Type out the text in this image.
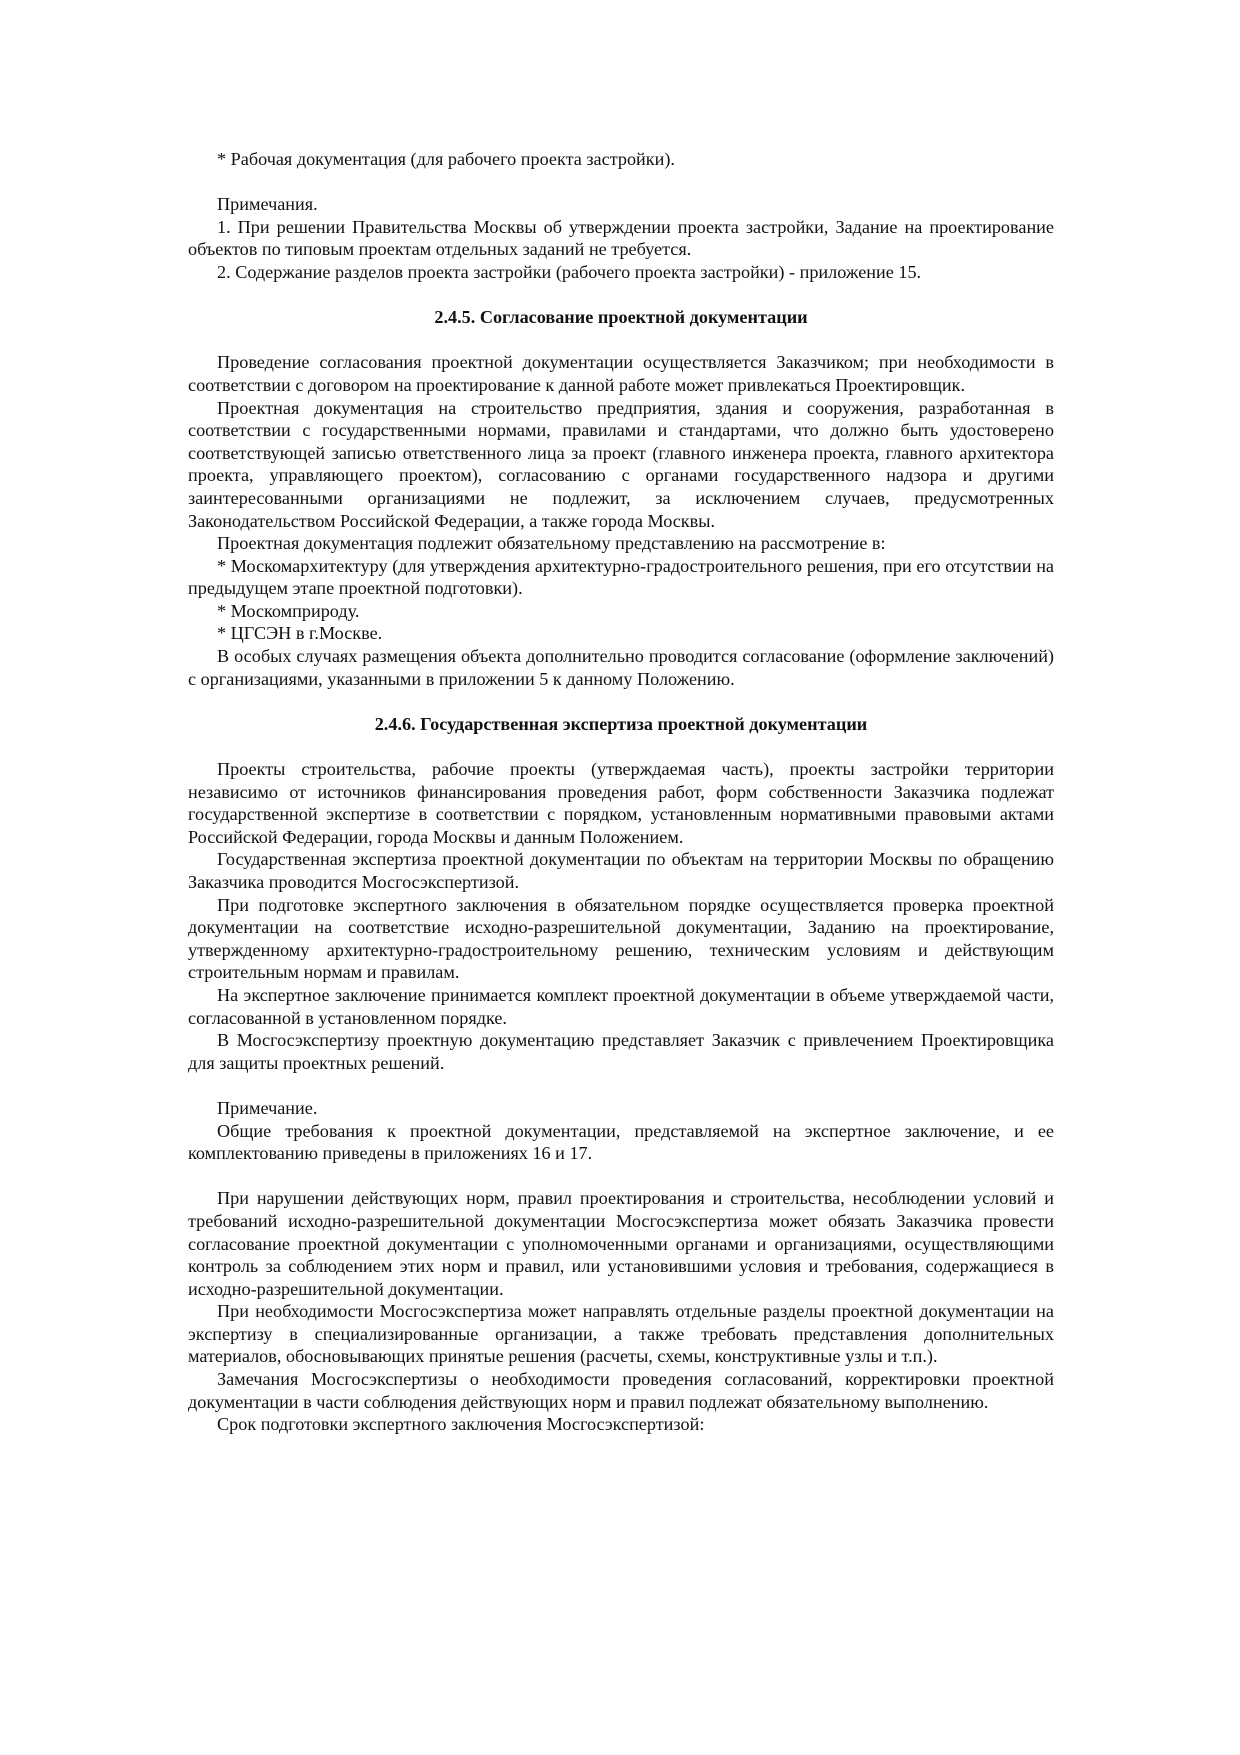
* Рабочая документация (для рабочего проекта застройки).

Примечания.

1. При решении Правительства Москвы об утверждении проекта застройки, Задание на проектирование объектов по типовым проектам отдельных заданий не требуется.

2. Содержание разделов проекта застройки (рабочего проекта застройки) - приложение 15.

2.4.5. Согласование проектной документации

Проведение согласования проектной документации осуществляется Заказчиком; при необходимости в соответствии с договором на проектирование к данной работе может привлекаться Проектировщик.

Проектная документация на строительство предприятия, здания и сооружения, разработанная в соответствии с государственными нормами, правилами и стандартами, что должно быть удостоверено соответствующей записью ответственного лица за проект (главного инженера проекта, главного архитектора проекта, управляющего проектом), согласованию с органами государственного надзора и другими заинтересованными организациями не подлежит, за исключением случаев, предусмотренных Законодательством Российской Федерации, а также города Москвы.

Проектная документация подлежит обязательному представлению на рассмотрение в:

* Москомархитектуру (для утверждения архитектурно-градостроительного решения, при его отсутствии на предыдущем этапе проектной подготовки).

* Москомприроду.

* ЦГСЭН в г.Москве.

В особых случаях размещения объекта дополнительно проводится согласование (оформление заключений) с организациями, указанными в приложении 5 к данному Положению.

2.4.6. Государственная экспертиза проектной документации

Проекты строительства, рабочие проекты (утверждаемая часть), проекты застройки территории независимо от источников финансирования проведения работ, форм собственности Заказчика подлежат государственной экспертизе в соответствии с порядком, установленным нормативными правовыми актами Российской Федерации, города Москвы и данным Положением.

Государственная экспертиза проектной документации по объектам на территории Москвы по обращению Заказчика проводится Мосгосэкспертизой.

При подготовке экспертного заключения в обязательном порядке осуществляется проверка проектной документации на соответствие исходно-разрешительной документации, Заданию на проектирование, утвержденному архитектурно-градостроительному решению, техническим условиям и действующим строительным нормам и правилам.

На экспертное заключение принимается комплект проектной документации в объеме утверждаемой части, согласованной в установленном порядке.

В Мосгосэкспертизу проектную документацию представляет Заказчик с привлечением Проектировщика для защиты проектных решений.

Примечание.

Общие требования к проектной документации, представляемой на экспертное заключение, и ее комплектованию приведены в приложениях 16 и 17.

При нарушении действующих норм, правил проектирования и строительства, несоблюдении условий и требований исходно-разрешительной документации Мосгосэкспертиза может обязать Заказчика провести согласование проектной документации с уполномоченными органами и организациями, осуществляющими контроль за соблюдением этих норм и правил, или установившими условия и требования, содержащиеся в исходно-разрешительной документации.

При необходимости Мосгосэкспертиза может направлять отдельные разделы проектной документации на экспертизу в специализированные организации, а также требовать представления дополнительных материалов, обосновывающих принятые решения (расчеты, схемы, конструктивные узлы и т.п.).

Замечания Мосгосэкспертизы о необходимости проведения согласований, корректировки проектной документации в части соблюдения действующих норм и правил подлежат обязательному выполнению.

Срок подготовки экспертного заключения Мосгосэкспертизой:
